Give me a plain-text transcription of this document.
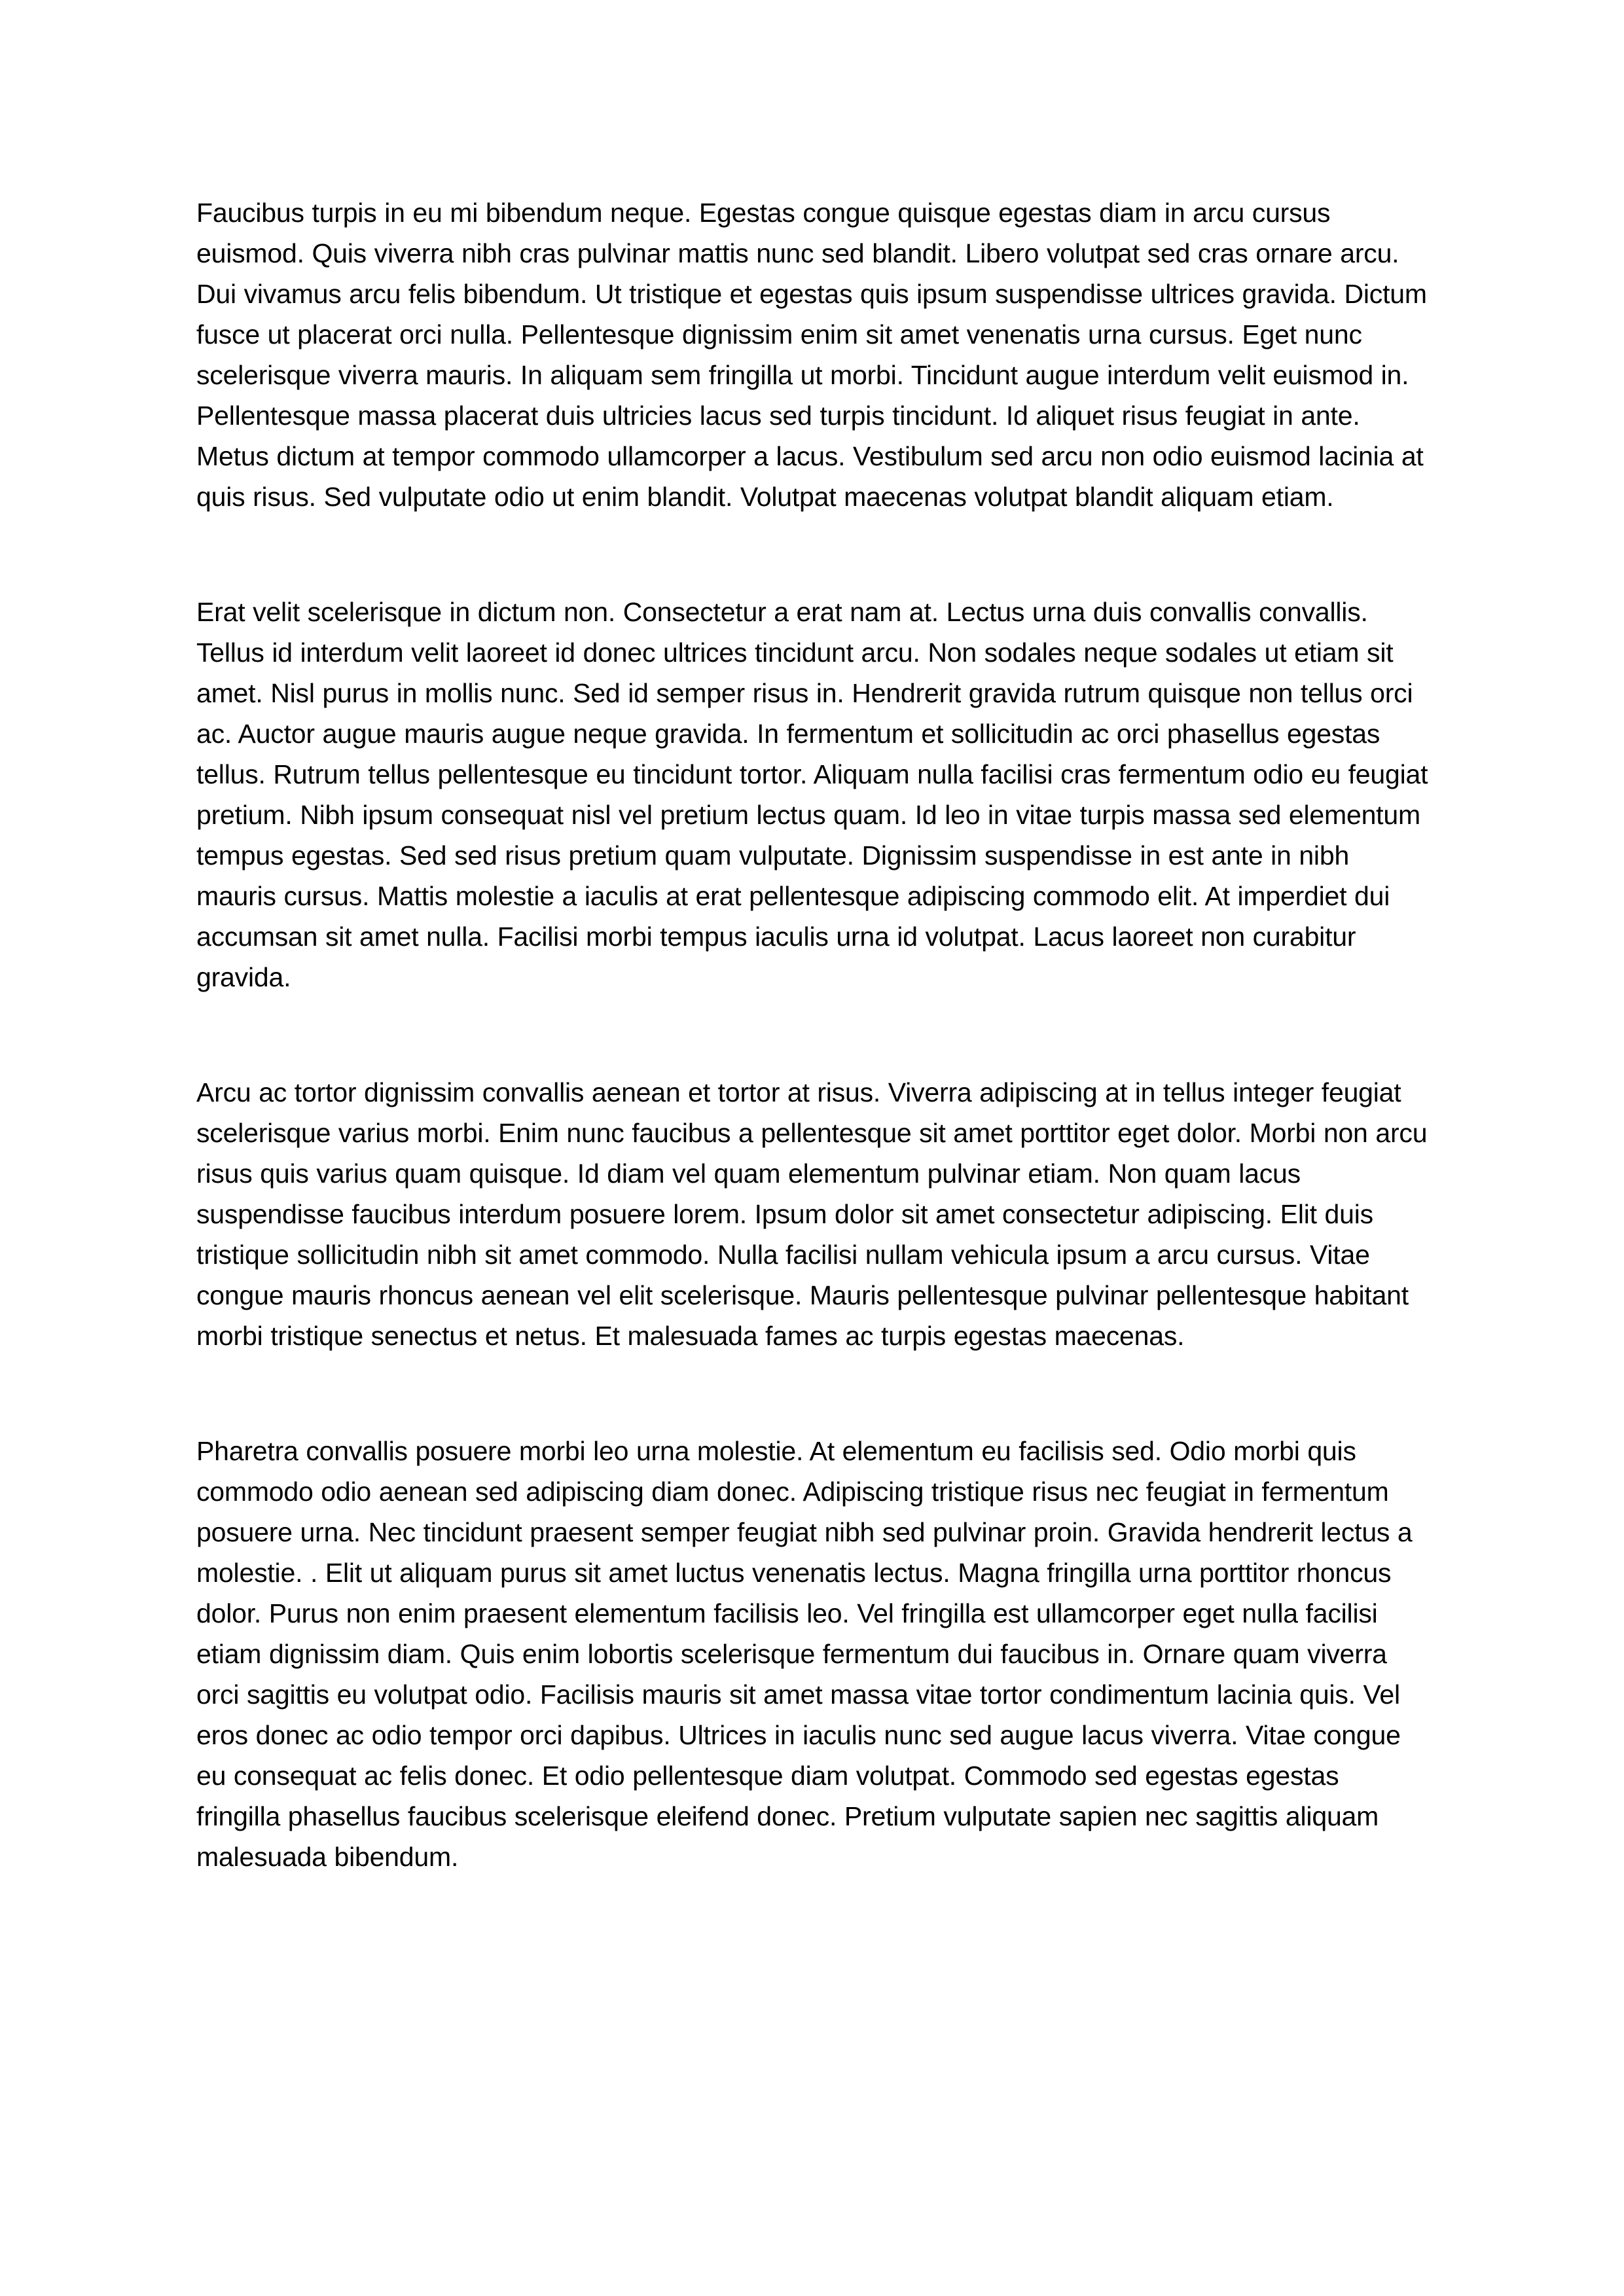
Faucibus turpis in eu mi bibendum neque. Egestas congue quisque egestas diam in arcu cursus euismod. Quis viverra nibh cras pulvinar mattis nunc sed blandit. Libero volutpat sed cras ornare arcu. Dui vivamus arcu felis bibendum. Ut tristique et egestas quis ipsum suspendisse ultrices gravida. Dictum fusce ut placerat orci nulla. Pellentesque dignissim enim sit amet venenatis urna cursus. Eget nunc scelerisque viverra mauris. In aliquam sem fringilla ut morbi. Tincidunt augue interdum velit euismod in. Pellentesque massa placerat duis ultricies lacus sed turpis tincidunt. Id aliquet risus feugiat in ante. Metus dictum at tempor commodo ullamcorper a lacus. Vestibulum sed arcu non odio euismod lacinia at quis risus. Sed vulputate odio ut enim blandit. Volutpat maecenas volutpat blandit aliquam etiam.

Erat velit scelerisque in dictum non. Consectetur a erat nam at. Lectus urna duis convallis convallis. Tellus id interdum velit laoreet id donec ultrices tincidunt arcu. Non sodales neque sodales ut etiam sit amet. Nisl purus in mollis nunc. Sed id semper risus in. Hendrerit gravida rutrum quisque non tellus orci ac. Auctor augue mauris augue neque gravida. In fermentum et sollicitudin ac orci phasellus egestas tellus. Rutrum tellus pellentesque eu tincidunt tortor. Aliquam nulla facilisi cras fermentum odio eu feugiat pretium. Nibh ipsum consequat nisl vel pretium lectus quam. Id leo in vitae turpis massa sed elementum tempus egestas. Sed sed risus pretium quam vulputate. Dignissim suspendisse in est ante in nibh mauris cursus. Mattis molestie a iaculis at erat pellentesque adipiscing commodo elit. At imperdiet dui accumsan sit amet nulla. Facilisi morbi tempus iaculis urna id volutpat. Lacus laoreet non curabitur gravida.

Arcu ac tortor dignissim convallis aenean et tortor at risus. Viverra adipiscing at in tellus integer feugiat scelerisque varius morbi. Enim nunc faucibus a pellentesque sit amet porttitor eget dolor. Morbi non arcu risus quis varius quam quisque. Id diam vel quam elementum pulvinar etiam. Non quam lacus suspendisse faucibus interdum posuere lorem. Ipsum dolor sit amet consectetur adipiscing. Elit duis tristique sollicitudin nibh sit amet commodo. Nulla facilisi nullam vehicula ipsum a arcu cursus. Vitae congue mauris rhoncus aenean vel elit scelerisque. Mauris pellentesque pulvinar pellentesque habitant morbi tristique senectus et netus. Et malesuada fames ac turpis egestas maecenas.

Pharetra convallis posuere morbi leo urna molestie. At elementum eu facilisis sed. Odio morbi quis commodo odio aenean sed adipiscing diam donec. Adipiscing tristique risus nec feugiat in fermentum posuere urna. Nec tincidunt praesent semper feugiat nibh sed pulvinar proin. Gravida hendrerit lectus a molestie. . Elit ut aliquam purus sit amet luctus venenatis lectus. Magna fringilla urna porttitor rhoncus dolor. Purus non enim praesent elementum facilisis leo. Vel fringilla est ullamcorper eget nulla facilisi etiam dignissim diam. Quis enim lobortis scelerisque fermentum dui faucibus in. Ornare quam viverra orci sagittis eu volutpat odio. Facilisis mauris sit amet massa vitae tortor condimentum lacinia quis. Vel eros donec ac odio tempor orci dapibus. Ultrices in iaculis nunc sed augue lacus viverra. Vitae congue eu consequat ac felis donec. Et odio pellentesque diam volutpat. Commodo sed egestas egestas fringilla phasellus faucibus scelerisque eleifend donec. Pretium vulputate sapien nec sagittis aliquam malesuada bibendum.
